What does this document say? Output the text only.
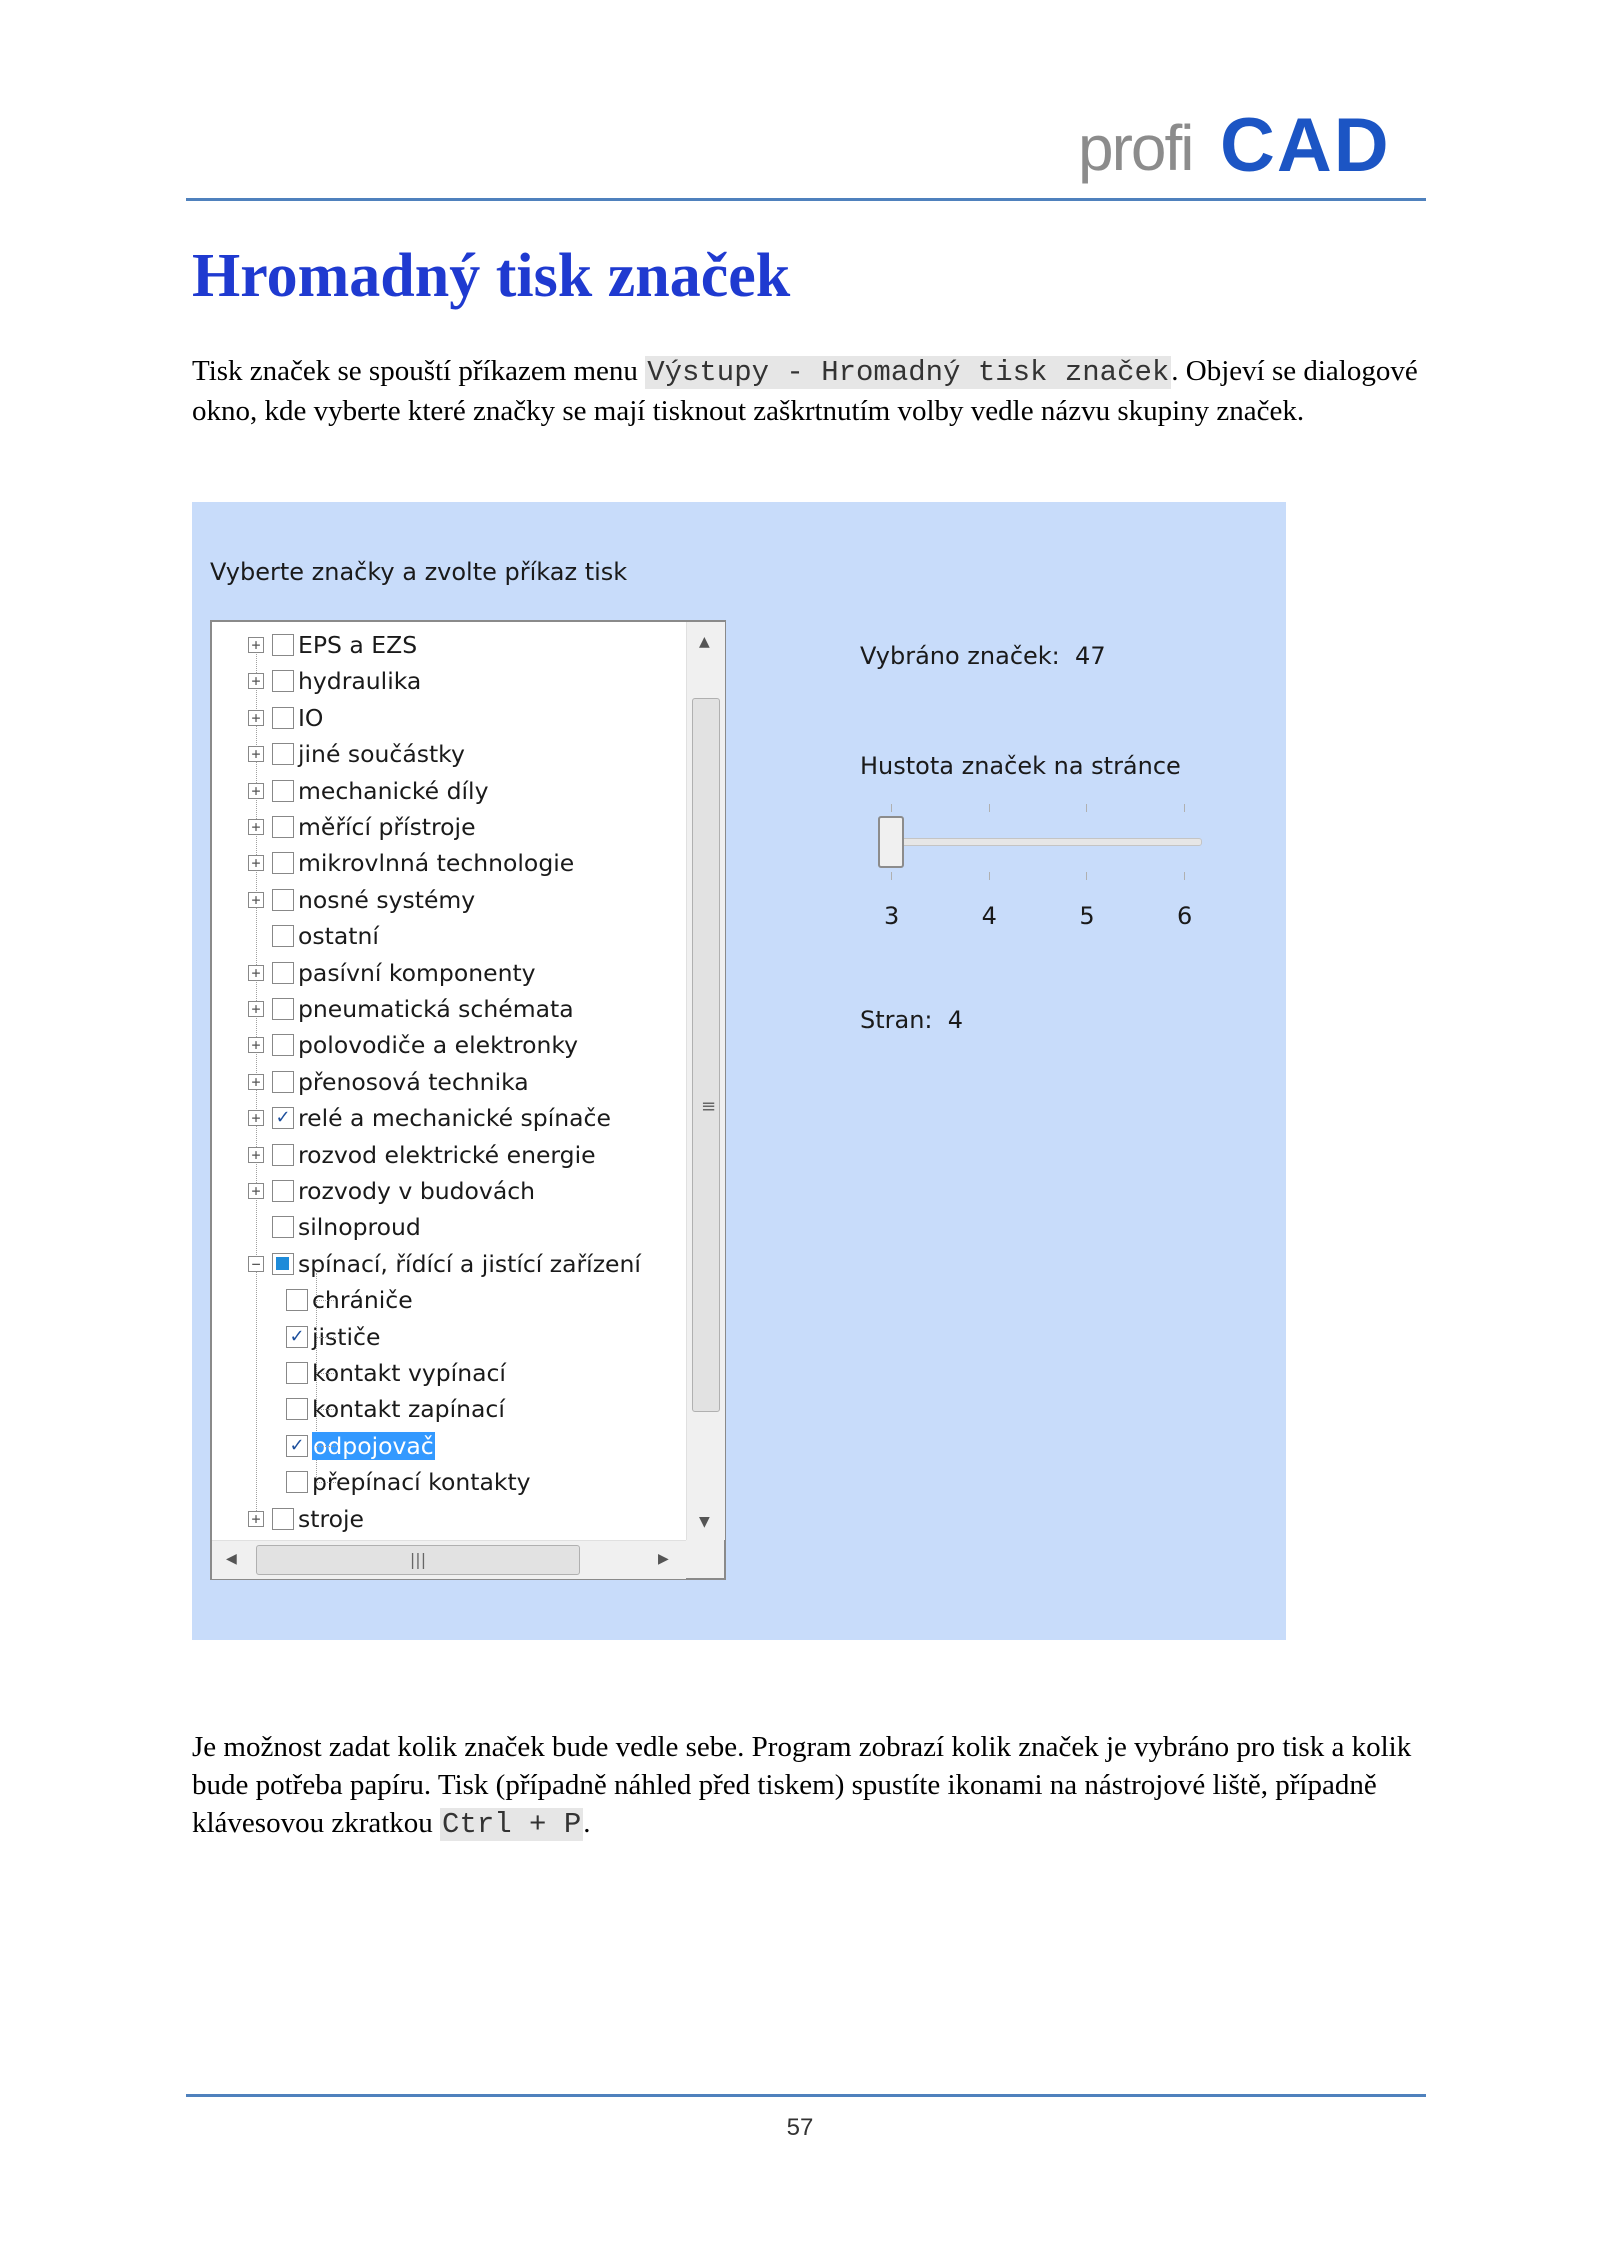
profi CAD
Hromadný tisk značek

Tisk značek se spouští příkazem menu Výstupy - Hromadný tisk značek. Objeví se dialogové okno, kde vyberte které značky se mají tisknout zaškrtnutím volby vedle názvu skupiny značek.

Vyberte značky a zvolte příkaz tisk
+ EPS a EZS
+ hydraulika
+ IO
+ jiné součástky
+ mechanické díly
+ měřící přístroje
+ mikrovlnná technologie
+ nosné systémy
ostatní
+ pasívní komponenty
+ pneumatická schémata
+ polovodiče a elektronky
+ přenosová technika
+ ✓ relé a mechanické spínače
+ rozvod elektrické energie
+ rozvody v budovách
silnoproud
− spínací, řídící a jistící zařízení
chrániče
✓ jističe
kontakt vypínací
kontakt zapínací
✓ odpojovač
přepínací kontakty
+ stroje
▲
≡
▼
◀	|||	▶
Vybráno značek: 47
Hustota značek na stránce
3	4	5	6
Stran: 4

Je možnost zadat kolik značek bude vedle sebe. Program zobrazí kolik značek je vybráno pro tisk a kolik bude potřeba papíru. Tisk (případně náhled před tiskem) spustíte ikonami na nástrojové liště, případně klávesovou zkratkou Ctrl + P.

57
